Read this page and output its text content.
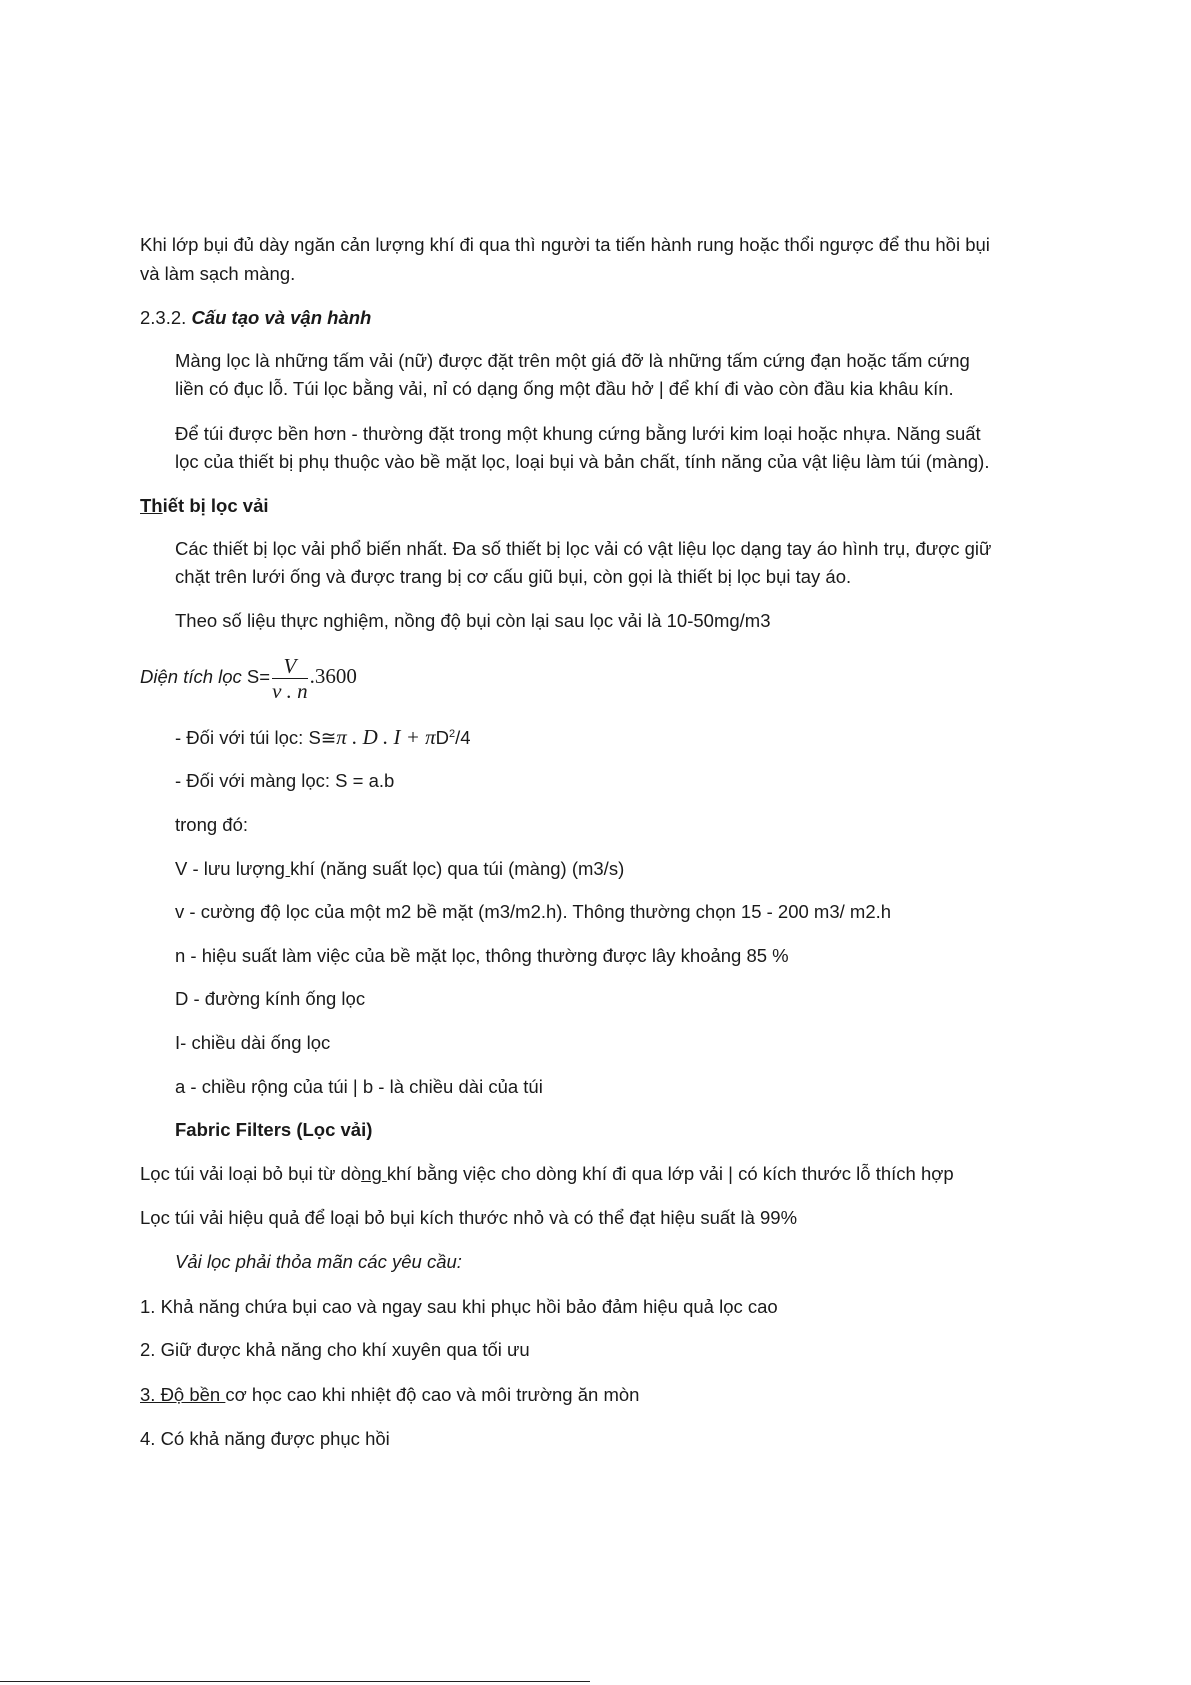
Khi lớp bụi đủ dày ngăn cản lượng khí đi qua thì người ta tiến hành rung hoặc thổi ngược để thu hồi bụi
và làm sạch màng.
2.3.2. Cấu tạo và vận hành
Màng lọc là những tấm vải (nữ) được đặt trên một giá đỡ là những tấm cứng đạn hoặc tấm cứng
liền có đục lỗ. Túi lọc bằng vải, nỉ có dạng ống một đầu hở | để khí đi vào còn đầu kia khâu kín.
Để túi được bền hơn - thường đặt trong một khung cứng bằng lưới kim loại hoặc nhựa. Năng suất
lọc của thiết bị phụ thuộc vào bề mặt lọc, loại bụi và bản chất, tính năng của vật liệu làm túi (màng).
Thiết bị lọc vải
Các thiết bị lọc vải phổ biến nhất. Đa số thiết bị lọc vải có vật liệu lọc dạng tay áo hình trụ, được giữ
chặt trên lưới ống và được trang bị cơ cấu giũ bụi, còn gọi là thiết bị lọc bụi tay áo.
Theo số liệu thực nghiệm, nồng độ bụi còn lại sau lọc vải là 10-50mg/m3
Diện tích lọc $S= \frac{V}{v . n} .3600$
- Đối với túi lọc: S≅π . D . $I + \pi D^2/4$
- Đối với màng lọc: S = a.b
trong đó:
V - lưu lượng khí (năng suất lọc) qua túi (màng) (m3/s)
v - cường độ lọc của một m2 bề mặt (m3/m2.h). Thông thường chọn 15 - 200 m3/ m2.h
n - hiệu suất làm việc của bề mặt lọc, thông thường được lây khoảng 85 %
D - đường kính ống lọc
I- chiều dài ống lọc
a - chiều rộng của túi | b - là chiều dài của túi
Fabric Filters (Lọc vải)
Lọc túi vải loại bỏ bụi từ dòng khí bằng việc cho dòng khí đi qua lớp vải | có kích thước lỗ thích hợp
Lọc túi vải hiệu quả để loại bỏ bụi kích thước nhỏ và có thể đạt hiệu suất là 99%
Vải lọc phải thỏa mãn các yêu cầu:
1. Khả năng chứa bụi cao và ngay sau khi phục hồi bảo đảm hiệu quả lọc cao
2. Giữ được khả năng cho khí xuyên qua tối ưu
3. Độ bền cơ học cao khi nhiệt độ cao và môi trường ăn mòn
4. Có khả năng được phục hồi
